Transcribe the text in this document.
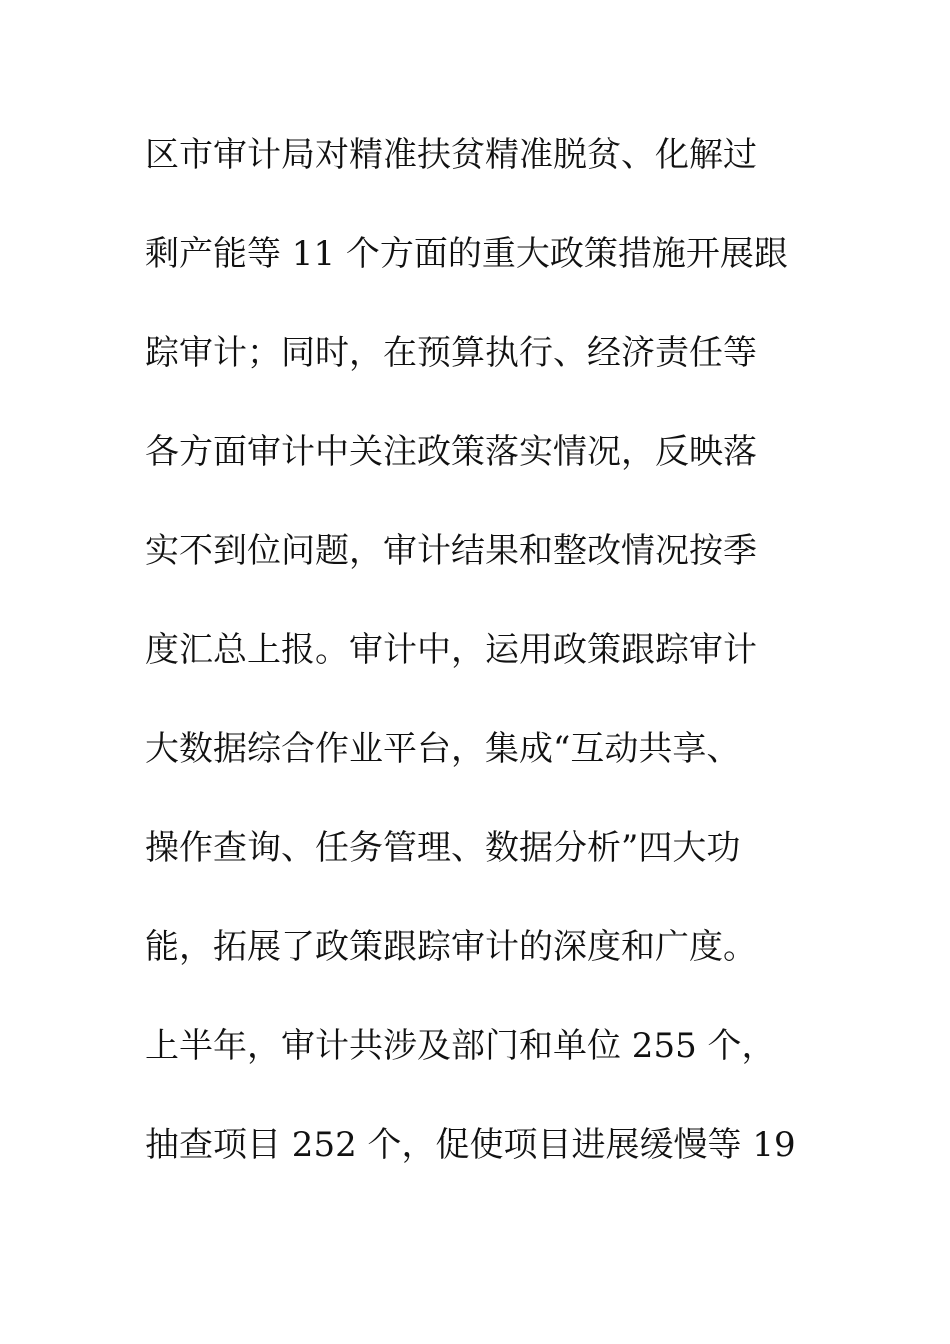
区市审计局对精准扶贫精准脱贫、化解过
剩产能等 11 个方面的重大政策措施开展跟
踪审计；同时，在预算执行、经济责任等
各方面审计中关注政策落实情况，反映落
实不到位问题，审计结果和整改情况按季
度汇总上报。审计中，运用政策跟踪审计
大数据综合作业平台，集成“互动共享、
操作查询、任务管理、数据分析”四大功
能，拓展了政策跟踪审计的深度和广度。
上半年，审计共涉及部门和单位 255 个，
抽查项目 252 个，促使项目进展缓慢等 19
